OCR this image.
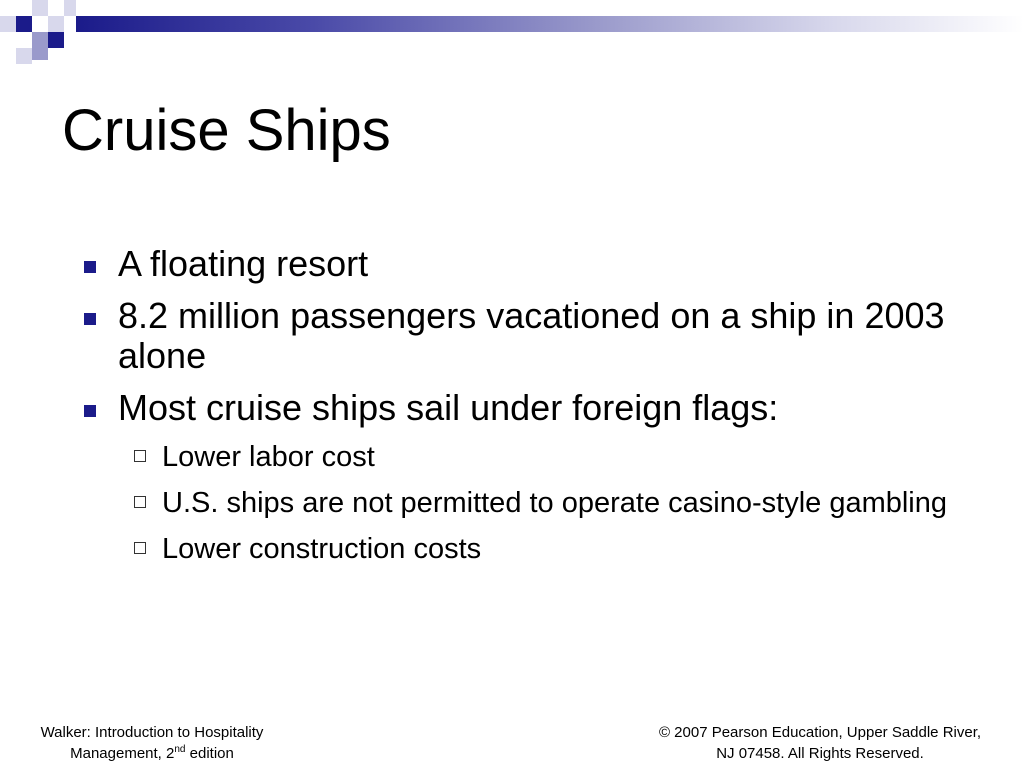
Cruise Ships
A floating resort
8.2 million passengers vacationed on a ship in 2003 alone
Most cruise ships sail under foreign flags:
Lower labor cost
U.S. ships are not permitted to operate casino-style gambling
Lower construction costs
Walker: Introduction to Hospitality
Management, 2nd edition
© 2007 Pearson Education, Upper Saddle River,
NJ 07458. All Rights Reserved.
